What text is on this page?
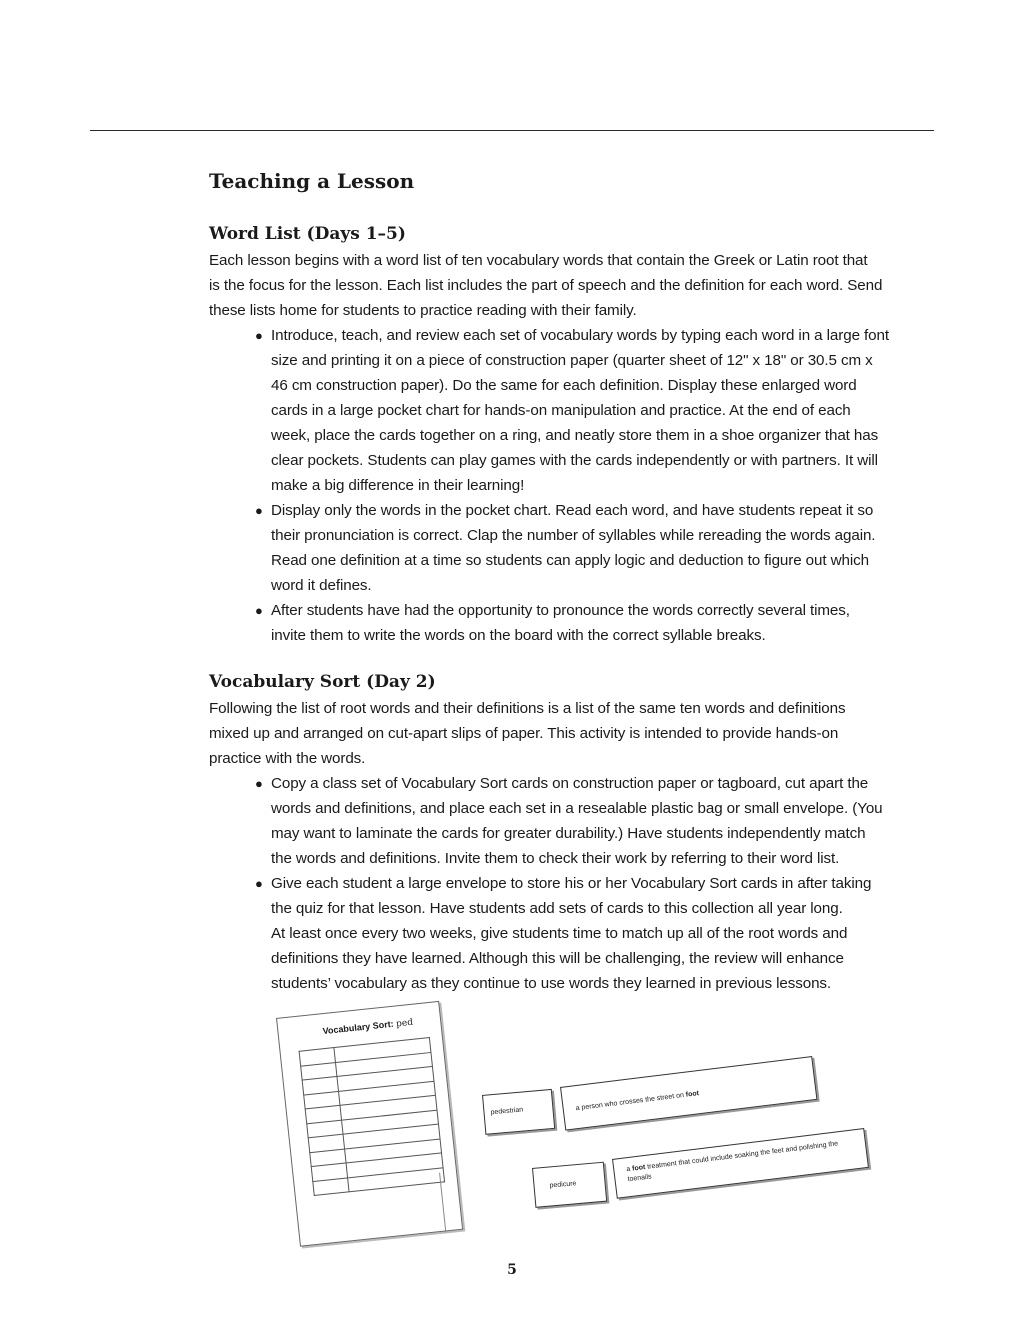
Teaching a Lesson
Word List (Days 1–5)

Each lesson begins with a word list of ten vocabulary words that contain the Greek or Latin root that
is the focus for the lesson. Each list includes the part of speech and the definition for each word. Send
these lists home for students to practice reading with their family.

● Introduce, teach, and review each set of vocabulary words by typing each word in a large font
size and printing it on a piece of construction paper (quarter sheet of 12" x 18" or 30.5 cm x
46 cm construction paper). Do the same for each definition. Display these enlarged word
cards in a large pocket chart for hands-on manipulation and practice. At the end of each
week, place the cards together on a ring, and neatly store them in a shoe organizer that has
clear pockets. Students can play games with the cards independently or with partners. It will
make a big difference in their learning!
● Display only the words in the pocket chart. Read each word, and have students repeat it so
their pronunciation is correct. Clap the number of syllables while rereading the words again.
Read one definition at a time so students can apply logic and deduction to figure out which
word it defines.
● After students have had the opportunity to pronounce the words correctly several times,
invite them to write the words on the board with the correct syllable breaks.
Vocabulary Sort (Day 2)

Following the list of root words and their definitions is a list of the same ten words and definitions
mixed up and arranged on cut-apart slips of paper. This activity is intended to provide hands-on
practice with the words.

● Copy a class set of Vocabulary Sort cards on construction paper or tagboard, cut apart the
words and definitions, and place each set in a resealable plastic bag or small envelope. (You
may want to laminate the cards for greater durability.) Have students independently match
the words and definitions. Invite them to check their work by referring to their word list.
● Give each student a large envelope to store his or her Vocabulary Sort cards in after taking
the quiz for that lesson. Have students add sets of cards to this collection all year long.
At least once every two weeks, give students time to match up all of the root words and
definitions they have learned. Although this will be challenging, the review will enhance
students’ vocabulary as they continue to use words they learned in previous lessons.
Vocabulary Sort: ped

pedestrian	a person who crosses the street on foot
pedicure
a foot treatment that could include soaking the feet and polishing the toenails
5
